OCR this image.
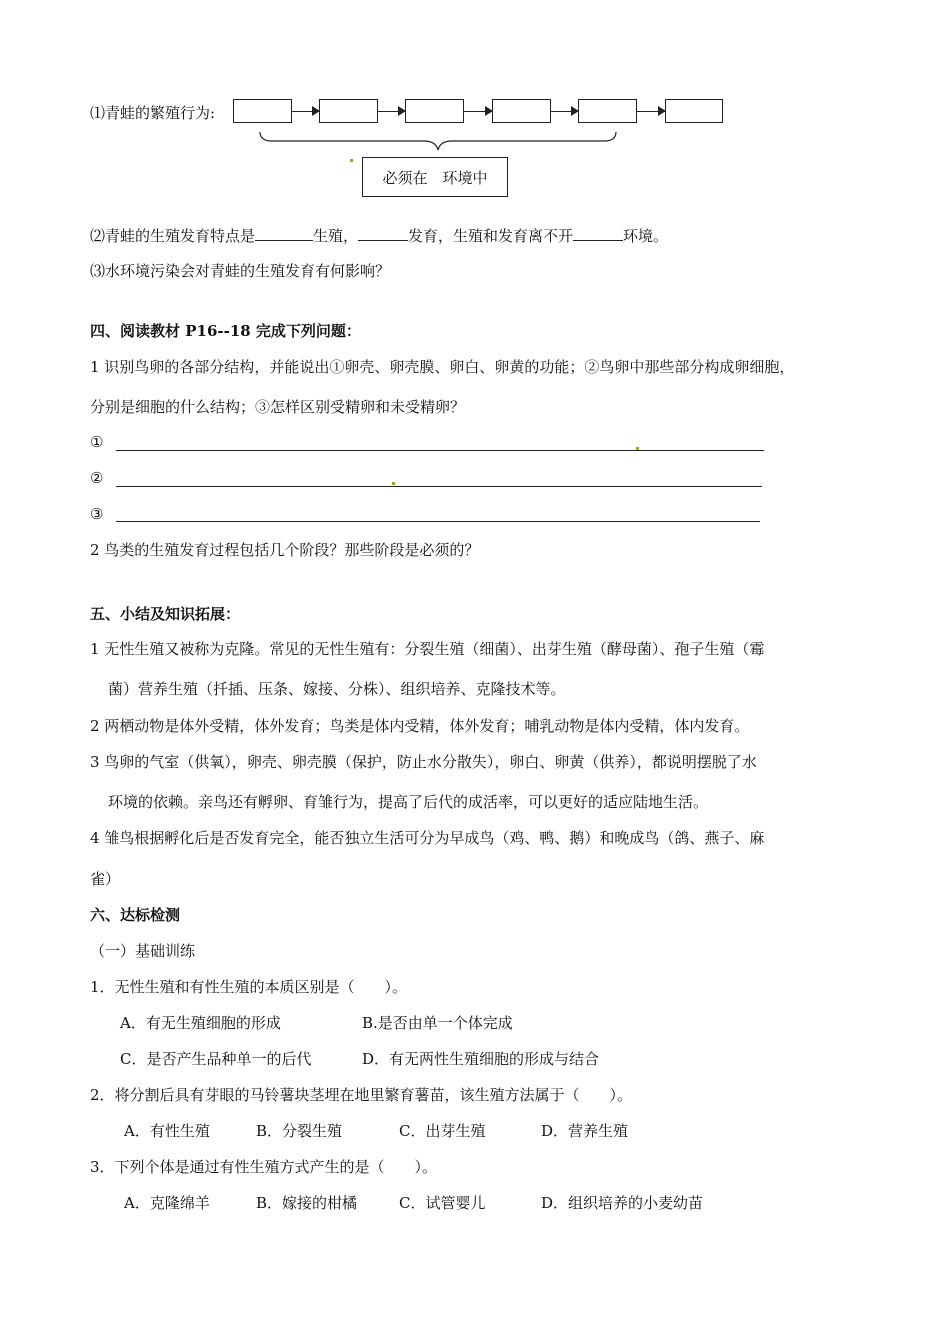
⑴青蛙的繁殖行为:
必须在　环境中
⑵青蛙的生殖发育特点是	生殖，	发育，生殖和发育离不开	环境。
⑶水环境污染会对青蛙的生殖发育有何影响？
四、阅读教材 P16--18 完成下列问题：
1 识别鸟卵的各部分结构，并能说出①卵壳、卵壳膜、卵白、卵黄的功能；②鸟卵中那些部分构成卵细胞，
分别是细胞的什么结构；③怎样区别受精卵和未受精卵？
①
②
③
2 鸟类的生殖发育过程包括几个阶段？那些阶段是必须的？
五、小结及知识拓展：
1 无性生殖又被称为克隆。常见的无性生殖有：分裂生殖（细菌）、出芽生殖（酵母菌）、孢子生殖（霉
菌）营养生殖（扦插、压条、嫁接、分株）、组织培养、克隆技术等。
2 两栖动物是体外受精，体外发育；鸟类是体内受精，体外发育；哺乳动物是体内受精，体内发育。
3 鸟卵的气室（供氧），卵壳、卵壳膜（保护，防止水分散失），卵白、卵黄（供养），都说明摆脱了水
环境的依赖。亲鸟还有孵卵、育雏行为，提高了后代的成活率，可以更好的适应陆地生活。
4 雏鸟根据孵化后是否发育完全，能否独立生活可分为早成鸟（鸡、鸭、鹅）和晚成鸟（鸽、燕子、麻
雀）
六、达标检测
（一）基础训练
1．无性生殖和有性生殖的本质区别是（　　）。
A．有无生殖细胞的形成	B.是否由单一个体完成
C．是否产生品种单一的后代	D．有无两性生殖细胞的形成与结合
2．将分割后具有芽眼的马铃薯块茎埋在地里繁育薯苗，该生殖方法属于（　　）。
A．有性生殖	B．分裂生殖	C．出芽生殖	D．营养生殖
3．下列个体是通过有性生殖方式产生的是（　　）。
A．克隆绵羊	B．嫁接的柑橘	C．试管婴儿	D．组织培养的小麦幼苗
